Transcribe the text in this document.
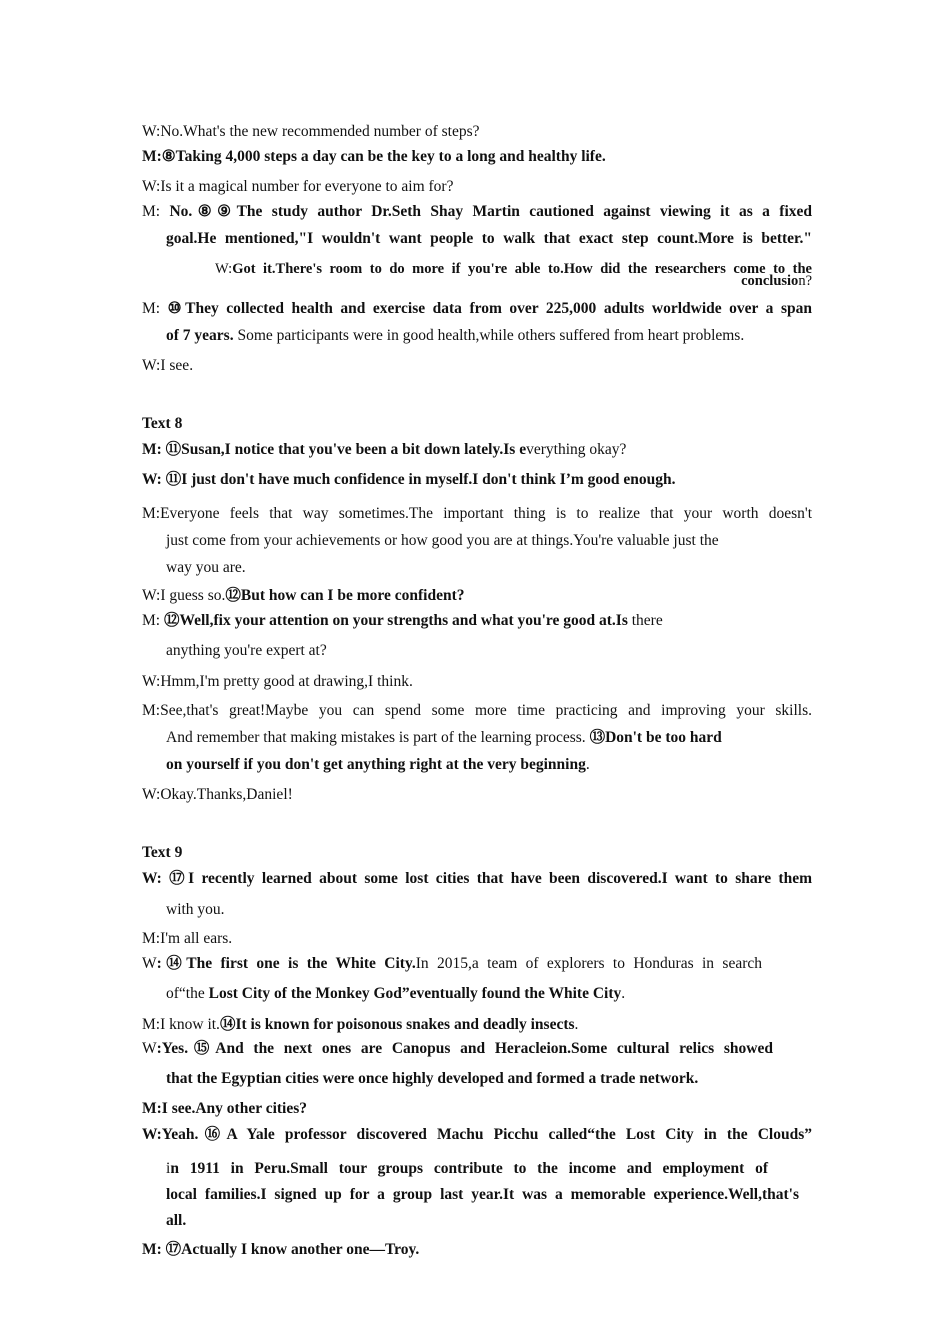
W:No.What's the new recommended number of steps?
M:⑧Taking 4,000 steps a day can be the key to a long and healthy life.
W:Is it a magical number for everyone to aim for?
M: No.⑧⑨The study author Dr.Seth Shay Martin cautioned against viewing it as a fixed
goal.He mentioned,"I wouldn't want people to walk that exact step count.More is better."
W:Got it.There's room to do more if you're able to.How did the researchers come to the
conclusion?
M: ⑩They collected health and exercise data from over 225,000 adults worldwide over a span
of 7 years. Some participants were in good health,while others suffered from heart problems.
W:I see.
Text 8
M: ⑪Susan,I notice that you've been a bit down lately.Is everything okay?
W: ⑪I just don't have much confidence in myself.I don't think I’m good enough.
M:Everyone feels that way sometimes.The important thing is to realize that your worth doesn't
just come from your achievements or how good you are at things.You're valuable just the
way you are.
W:I guess so.⑫But how can I be more confident?
M: ⑫Well,fix your attention on your strengths and what you're good at.Is there
anything you're expert at?
W:Hmm,I'm pretty good at drawing,I think.
M:See,that's great!Maybe you can spend some more time practicing and improving your skills.
And remember that making mistakes is part of the learning process. ⑬Don't be too hard
on yourself if you don't get anything right at the very beginning.
W:Okay.Thanks,Daniel!
Text 9
W: ⑰I recently learned about some lost cities that have been discovered.I want to share them
with you.
M:I'm all ears.
W:⑭The first one is the White City.In 2015,a team of explorers to Honduras in search
of“the Lost City of the Monkey God”eventually found the White City.
M:I know it.⑭It is known for poisonous snakes and deadly insects.
W:Yes.⑮And the next ones are Canopus and Heracleion.Some cultural relics showed
that the Egyptian cities were once highly developed and formed a trade network.
M:I see.Any other cities?
W:Yeah.⑯A Yale professor discovered Machu Picchu called“the Lost City in the Clouds”
in 1911 in Peru.Small tour groups contribute to the income and employment of
local families.I signed up for a group last year.It was a memorable experience.Well,that's
all.
M: ⑰Actually I know another one—Troy.
